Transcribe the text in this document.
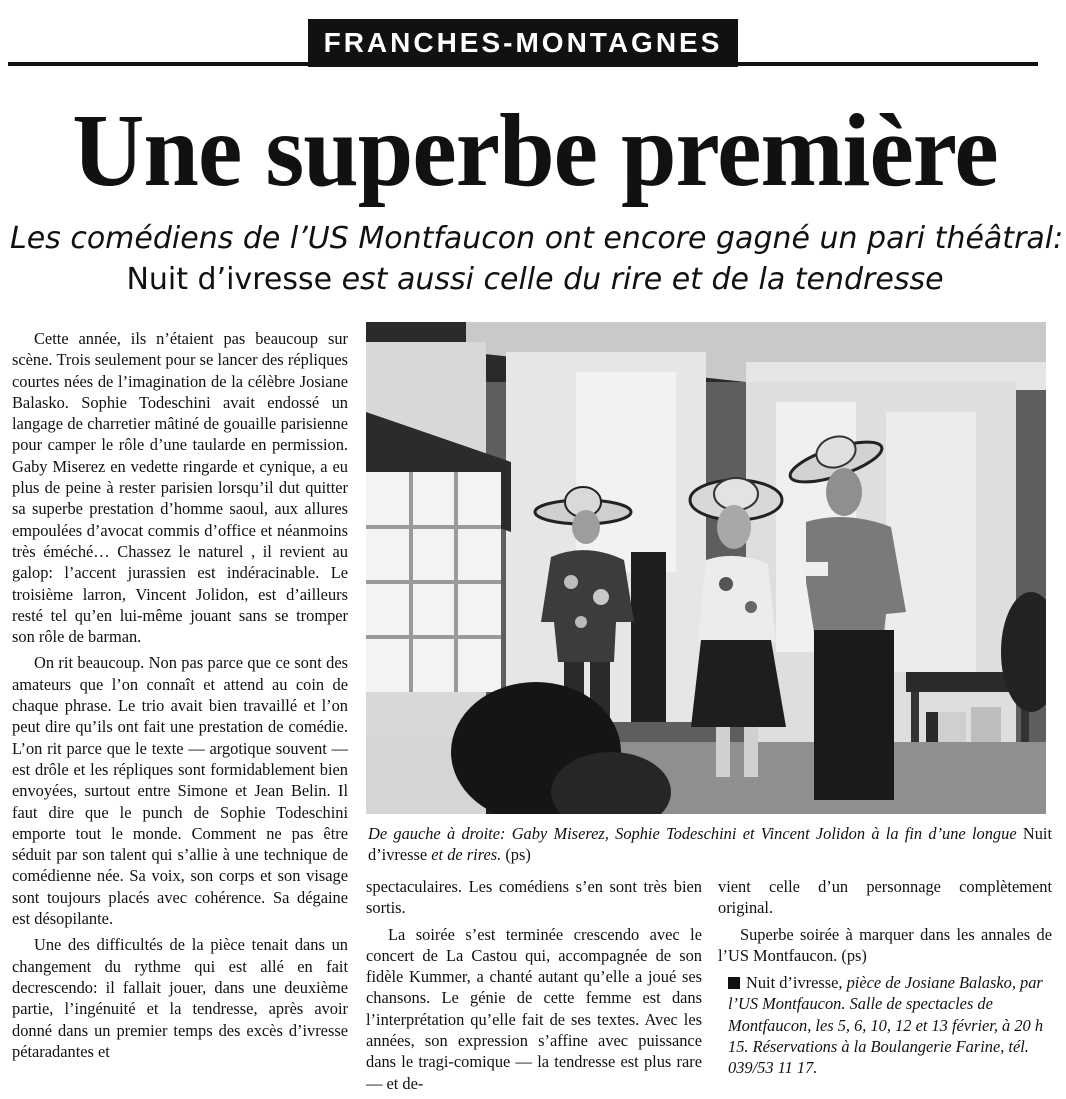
FRANCHES-MONTAGNES
Une superbe première
Les comédiens de l’US Montfaucon ont encore gagné un pari théâtral:
Nuit d’ivresse est aussi celle du rire et de la tendresse

Cette année, ils n’étaient pas beaucoup sur scène. Trois seulement pour se lancer des répliques courtes nées de l’imagination de la célèbre Josiane Balasko. Sophie Todeschini avait endossé un langage de charretier mâtiné de gouaille parisienne pour camper le rôle d’une taularde en permission. Gaby Miserez en vedette ringarde et cynique, a eu plus de peine à rester parisien lorsqu’il dut quitter sa superbe prestation d’homme saoul, aux allures empoulées d’avocat commis d’office et néanmoins très éméché… Chassez le naturel , il revient au galop: l’accent jurassien est indéracinable. Le troisième larron, Vincent Jolidon, est d’ailleurs resté tel qu’en lui-même jouant sans se tromper son rôle de barman.

On rit beaucoup. Non pas parce que ce sont des amateurs que l’on connaît et attend au coin de chaque phrase. Le trio avait bien travaillé et l’on peut dire qu’ils ont fait une prestation de comédie. L’on rit parce que le texte — argotique souvent — est drôle et les répliques sont formidablement bien envoyées, surtout entre Simone et Jean Belin. Il faut dire que le punch de Sophie Todeschini emporte tout le monde. Comment ne pas être séduit par son talent qui s’allie à une technique de comédienne née. Sa voix, son corps et son visage sont toujours placés avec cohérence. Sa dégaine est désopilante.

Une des difficultés de la pièce tenait dans un changement du rythme qui est allé en fait decrescendo: il fallait jouer, dans une deuxième partie, l’ingénuité et la tendresse, après avoir donné dans un premier temps des excès d’ivresse pétaradantes et

De gauche à droite: Gaby Miserez, Sophie Todeschini et Vincent Jolidon à la fin d’une longue Nuit d’ivresse et de rires. (ps)

spectaculaires. Les comédiens s’en sont très bien sortis.

La soirée s’est terminée crescendo avec le concert de La Castou qui, accompagnée de son fidèle Kummer, a chanté autant qu’elle a joué ses chansons. Le génie de cette femme est dans l’interprétation qu’elle fait de ses textes. Avec les années, son expression s’affine avec puissance dans le tragi-comique — la tendresse est plus rare — et de-

vient celle d’un personnage complètement original.

Superbe soirée à marquer dans les annales de l’US Montfaucon. (ps)

Nuit d’ivresse, pièce de Josiane Balasko, par l’US Montfaucon. Salle de spectacles de Montfaucon, les 5, 6, 10, 12 et 13 février, à 20 h 15. Réservations à la Boulangerie Farine, tél. 039/53 11 17.
